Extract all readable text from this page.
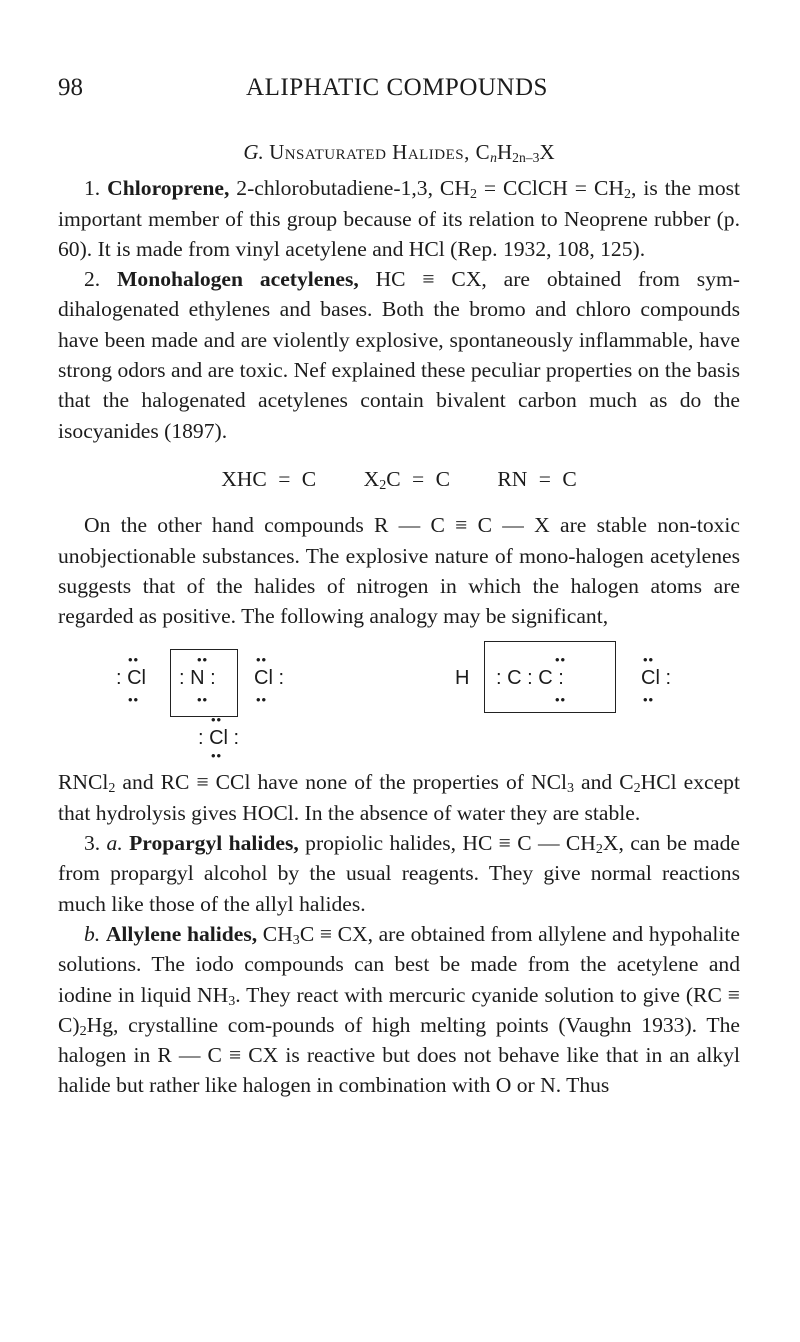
98	ALIPHATIC COMPOUNDS

G. Unsaturated Halides, $C_nH_{2n-3}X$

1. Chloroprene, 2-chlorobutadiene-1,3, $CH_2$ = CClCH = $CH_2$, is the most important member of this group because of its relation to Neoprene rubber (p. 60). It is made from vinyl acetylene and HCl (Rep. 1932, 108, 125).

2. Monohalogen acetylenes, HC ≡ CX, are obtained from sym-dihalogenated ethylenes and bases. Both the bromo and chloro compounds have been made and are violently explosive, spontaneously inflammable, have strong odors and are toxic. Nef explained these peculiar properties on the basis that the halogenated acetylenes contain bivalent carbon much as do the isocyanides (1897).

XHC = C $X_2C = C$ RN = C

On the other hand compounds R — C ≡ C — X are stable non-toxic unobjectionable substances. The explosive nature of mono-halogen acetylenes suggests that of the halides of nitrogen in which the halogen atoms are regarded as positive. The following analogy may be significant,

: Cl : N : Cl :	H : C : C :	Cl :
: Cl :
••
••
••
••
••
••
••
••
••
••
••
••

RNCl$_2$ and RC ≡ CCl have none of the properties of NCl$_3$ and $C_2HCl$ except that hydrolysis gives HOCl. In the absence of water they are stable.

3. a. Propargyl halides, propiolic halides, HC ≡ C — $CH_2X$, can be made from propargyl alcohol by the usual reagents. They give normal reactions much like those of the allyl halides.

b. Allylene halides, $CH_3C$ ≡ CX, are obtained from allylene and hypohalite solutions. The iodo compounds can best be made from the acetylene and iodine in liquid $NH_3$. They react with mercuric cyanide solution to give $(RC \equiv C)_2Hg$, crystalline com-pounds of high melting points (Vaughn 1933). The halogen in R — C ≡ CX is reactive but does not behave like that in an alkyl halide but rather like halogen in combination with O or N. Thus
